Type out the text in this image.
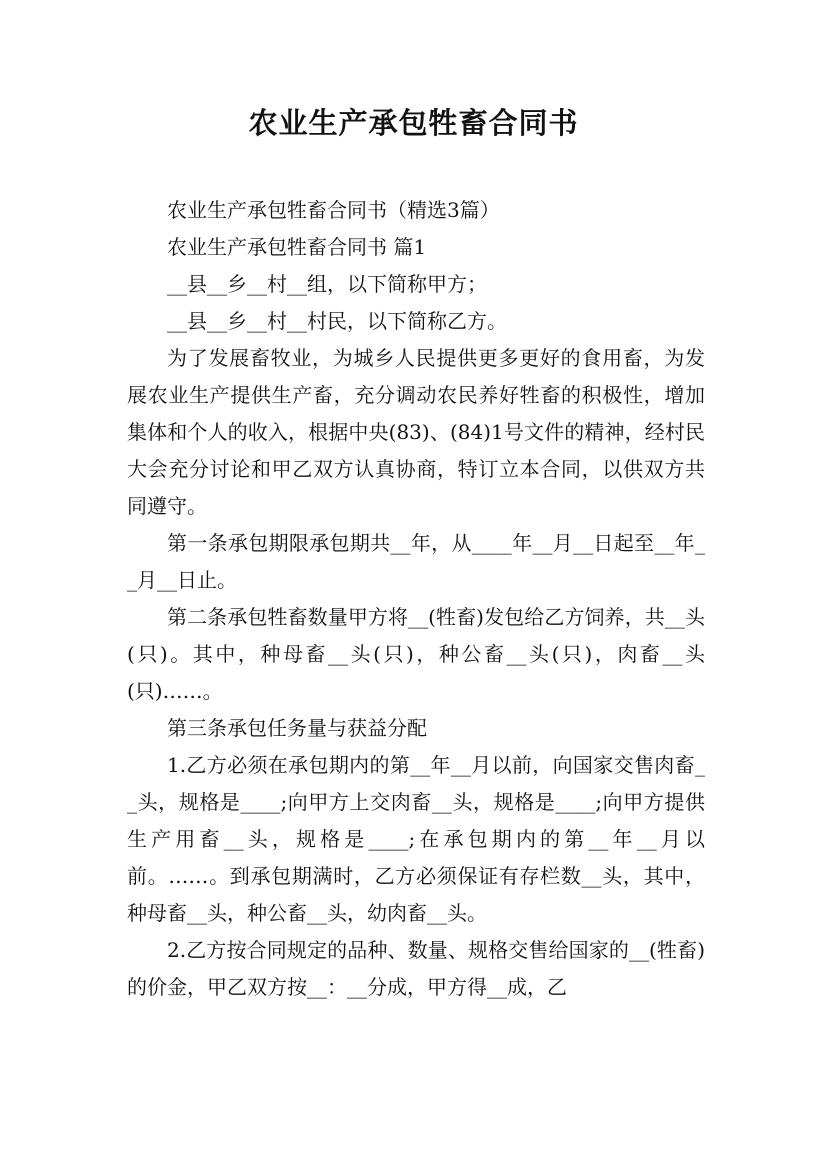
农业生产承包牲畜合同书

农业生产承包牲畜合同书（精选3篇）

农业生产承包牲畜合同书 篇1

__县__乡__村__组，以下简称甲方；

__县__乡__村__村民，以下简称乙方。

为了发展畜牧业，为城乡人民提供更多更好的食用畜，为发展农业生产提供生产畜，充分调动农民养好牲畜的积极性，增加集体和个人的收入，根据中央(83)、(84)1号文件的精神，经村民大会充分讨论和甲乙双方认真协商，特订立本合同，以供双方共同遵守。

第一条承包期限承包期共__年，从____年__月__日起至__年__月__日止。

第二条承包牲畜数量甲方将__(牲畜)发包给乙方饲养，共__头(只)。其中，种母畜__头(只)，种公畜__头(只)，肉畜__头(只)……。

第三条承包任务量与获益分配

1.乙方必须在承包期内的第__年__月以前，向国家交售肉畜__头，规格是____;向甲方上交肉畜__头，规格是____;向甲方提供生产用畜__头，规格是____;在承包期内的第__年__月以前。……。到承包期满时，乙方必须保证有存栏数__头，其中，种母畜__头，种公畜__头，幼肉畜__头。

2.乙方按合同规定的品种、数量、规格交售给国家的__(牲畜)的价金，甲乙双方按__：__分成，甲方得__成，乙
